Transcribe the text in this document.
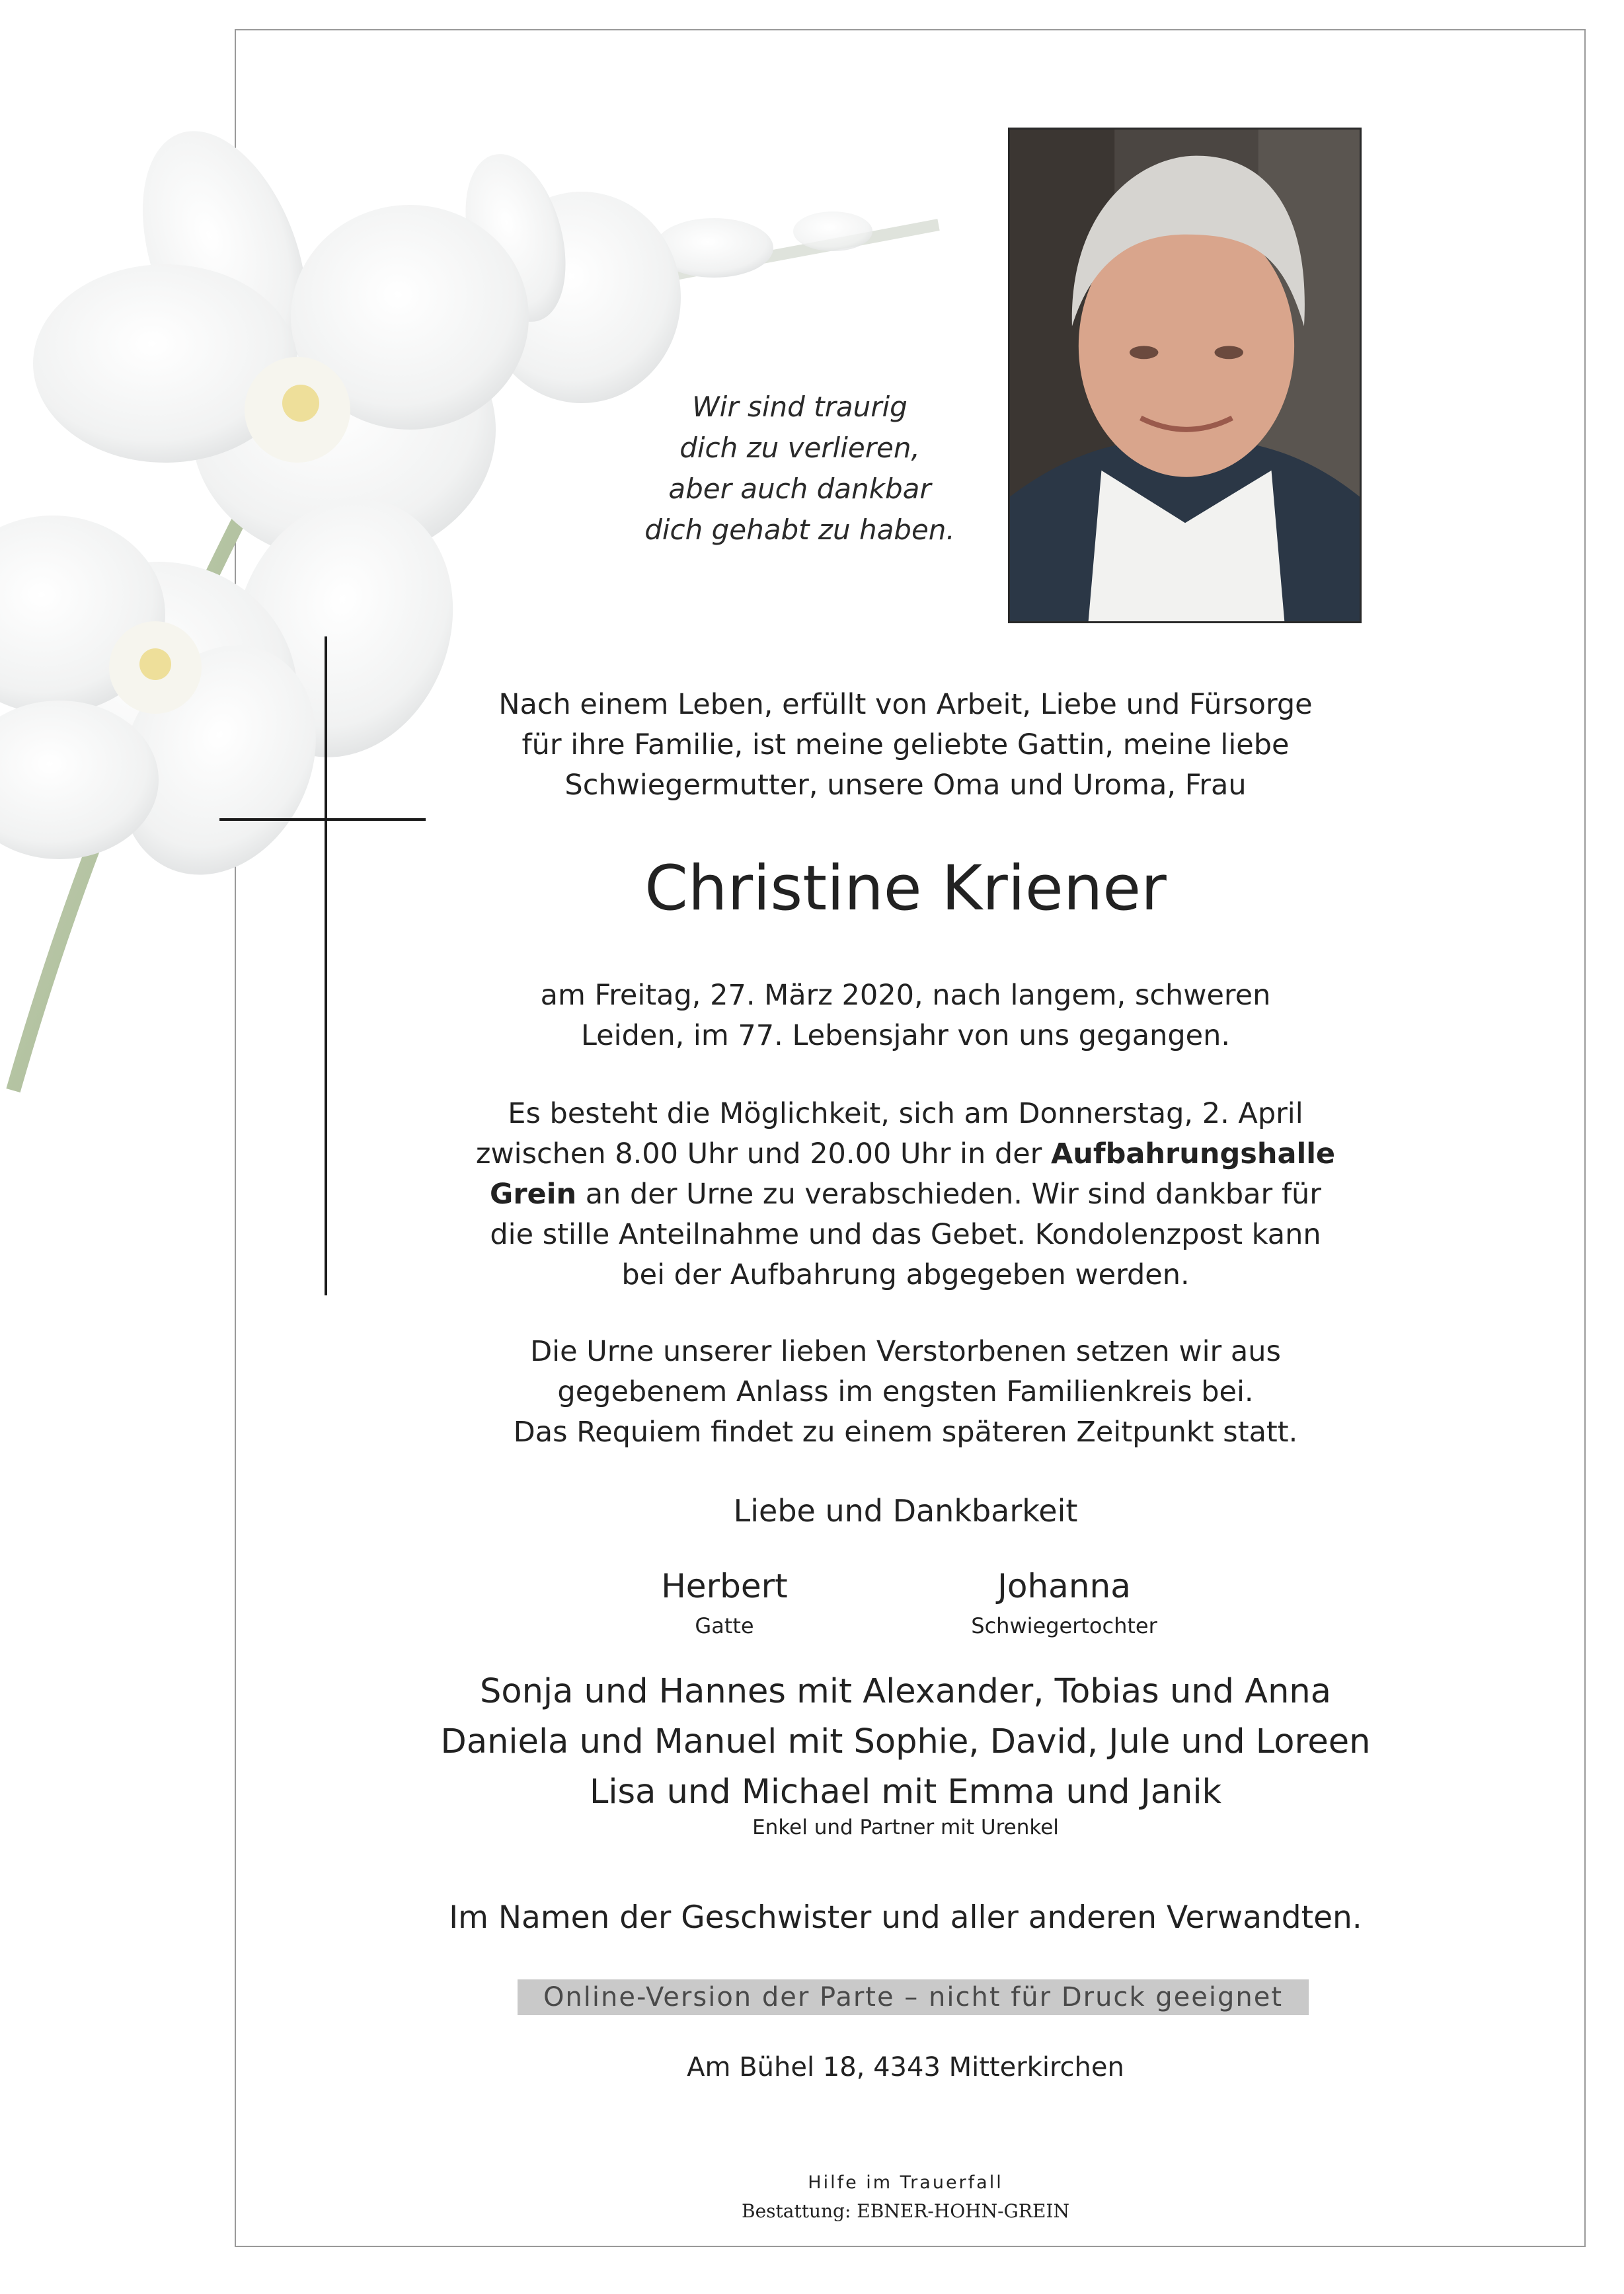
Wir sind traurig
dich zu verlieren,
aber auch dankbar
dich gehabt zu haben.
Nach einem Leben, erfüllt von Arbeit, Liebe und Fürsorge
für ihre Familie, ist meine geliebte Gattin, meine liebe
Schwiegermutter, unsere Oma und Uroma, Frau
Christine Kriener
am Freitag, 27. März 2020, nach langem, schweren
Leiden, im 77. Lebensjahr von uns gegangen.
Es besteht die Möglichkeit, sich am Donnerstag, 2. April
zwischen 8.00 Uhr und 20.00 Uhr in der Aufbahrungshalle
Grein an der Urne zu verabschieden. Wir sind dankbar für
die stille Anteilnahme und das Gebet. Kondolenzpost kann
bei der Aufbahrung abgegeben werden.
Die Urne unserer lieben Verstorbenen setzen wir aus
gegebenem Anlass im engsten Familienkreis bei.
Das Requiem findet zu einem späteren Zeitpunkt statt.
Liebe und Dankbarkeit
Herbert
Gatte
Johanna
Schwiegertochter
Sonja und Hannes mit Alexander, Tobias und Anna
Daniela und Manuel mit Sophie, David, Jule und Loreen
Lisa und Michael mit Emma und Janik
Enkel und Partner mit Urenkel
Im Namen der Geschwister und aller anderen Verwandten.
Online-Version der Parte – nicht für Druck geeignet
Am Bühel 18, 4343 Mitterkirchen
Hilfe im Trauerfall
Bestattung: EBNER-HOHN-GREIN
